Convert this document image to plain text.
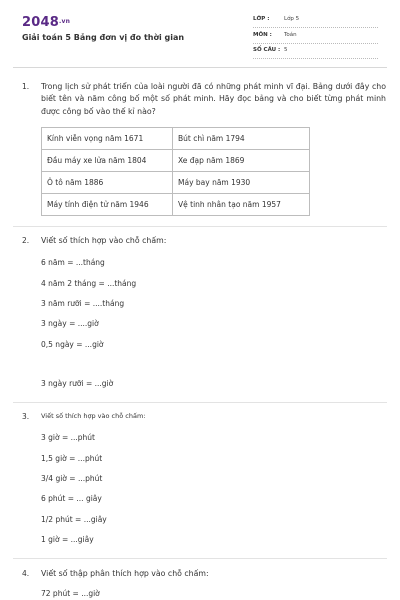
$2048^{.vn}$
Giải toán 5 Bảng đơn vị đo thời gian
LỚP :	Lớp 5
MÔN : Toán
SỐ CÂU : 5
1. Trong lịch sử phát triển của loài người đã có những phát minh vĩ đại. Bảng dưới đây cho biết tên và năm công bố một số phát minh. Hãy đọc bảng và cho biết từng phát minh được công bố vào thế kỉ nào?
Kính viễn vọng năm 1671	Bút chì năm 1794
Đầu máy xe lửa năm 1804	Xe đạp năm 1869
Ô tô năm 1886	Máy bay năm 1930
Máy tính điện tử năm 1946	Vệ tinh nhân tạo năm 1957
2. Viết số thích hợp vào chỗ chấm:
6 năm = ...tháng
4 năm 2 tháng = ...tháng
3 năm rưỡi = ....tháng
3 ngày = ....giờ
0,5 ngày = ...giờ
3 ngày rưỡi = ...giờ
3. Viết số thích hợp vào chỗ chấm:
3 giờ = ...phút
1,5 giờ = ...phút
3/4 giờ = ...phút
6 phút = ... giây
1/2 phút = ...giây
1 giờ = ...giây
4. Viết số thập phân thích hợp vào chỗ chấm:
72 phút = ...giờ
